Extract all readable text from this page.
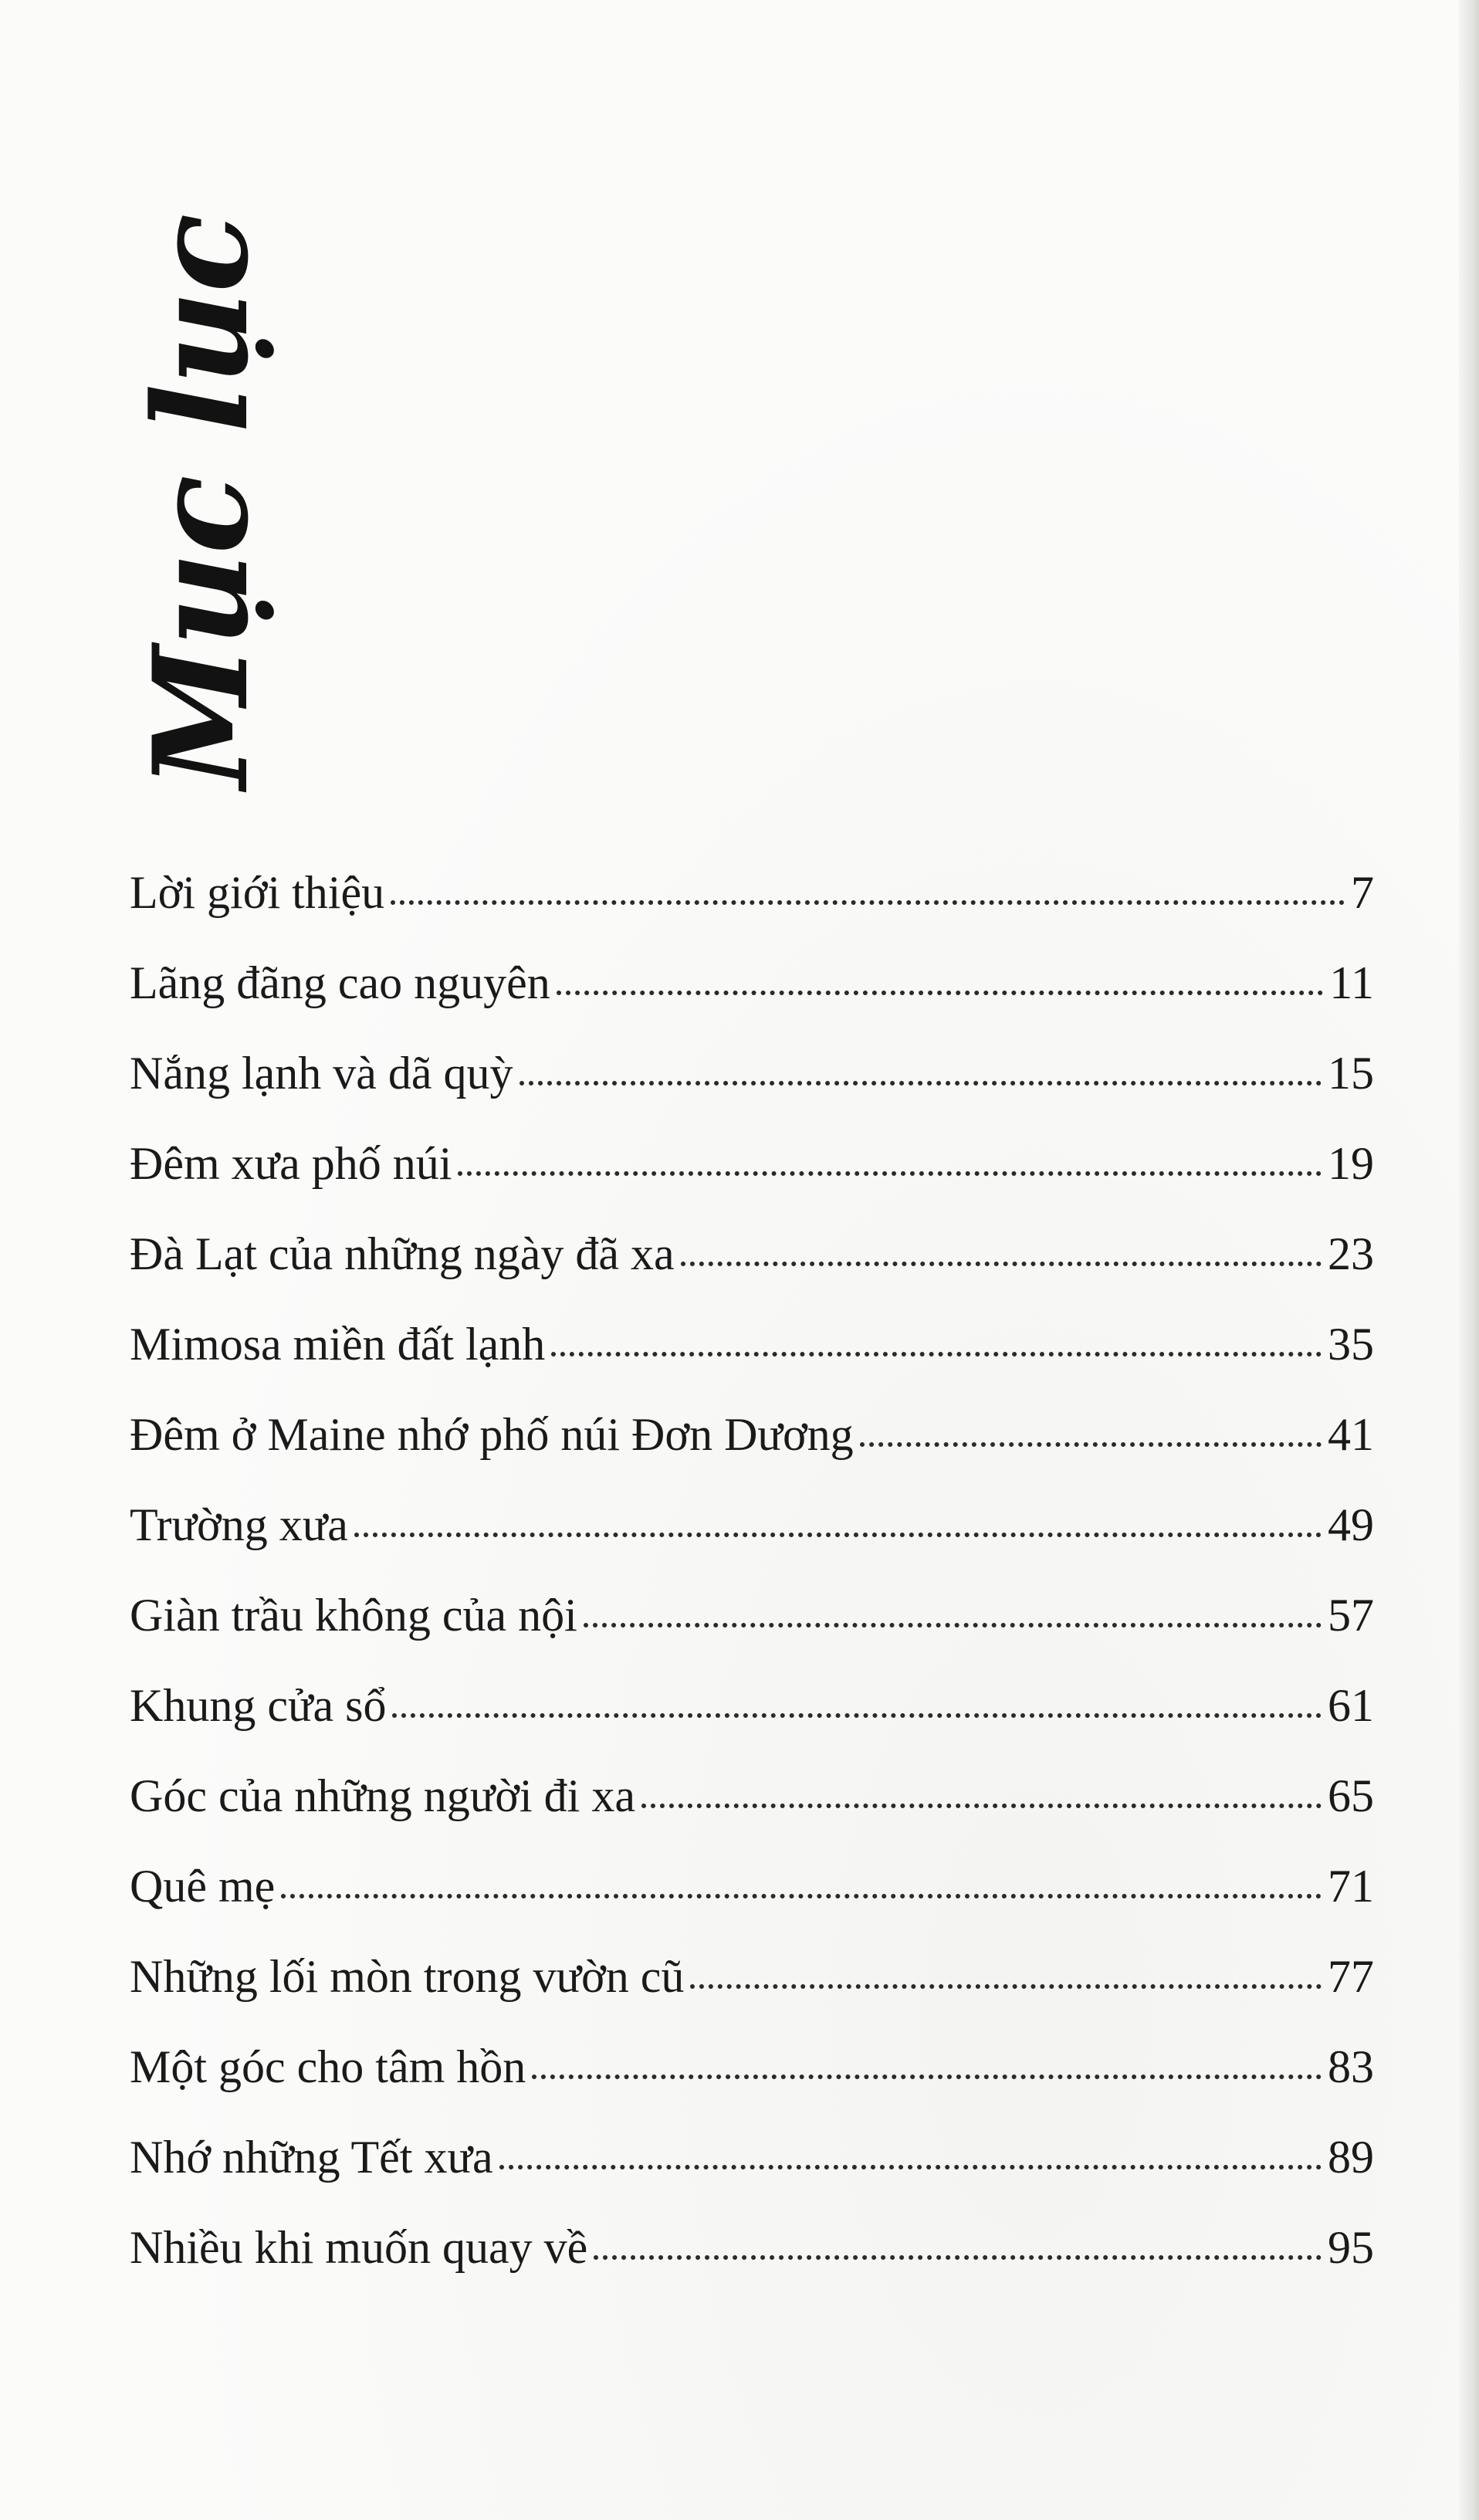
Mục lục
Lời giới thiệu	7
Lãng đãng cao nguyên	11
Nắng lạnh và dã quỳ	15
Đêm xưa phố núi	19
Đà Lạt của những ngày đã xa	23
Mimosa miền đất lạnh	35
Đêm ở Maine nhớ phố núi Đơn Dương	41
Trường xưa	49
Giàn trầu không của nội	57
Khung cửa sổ	61
Góc của những người đi xa	65
Quê mẹ	71
Những lối mòn trong vườn cũ	77
Một góc cho tâm hồn	83
Nhớ những Tết xưa	89
Nhiều khi muốn quay về	95
